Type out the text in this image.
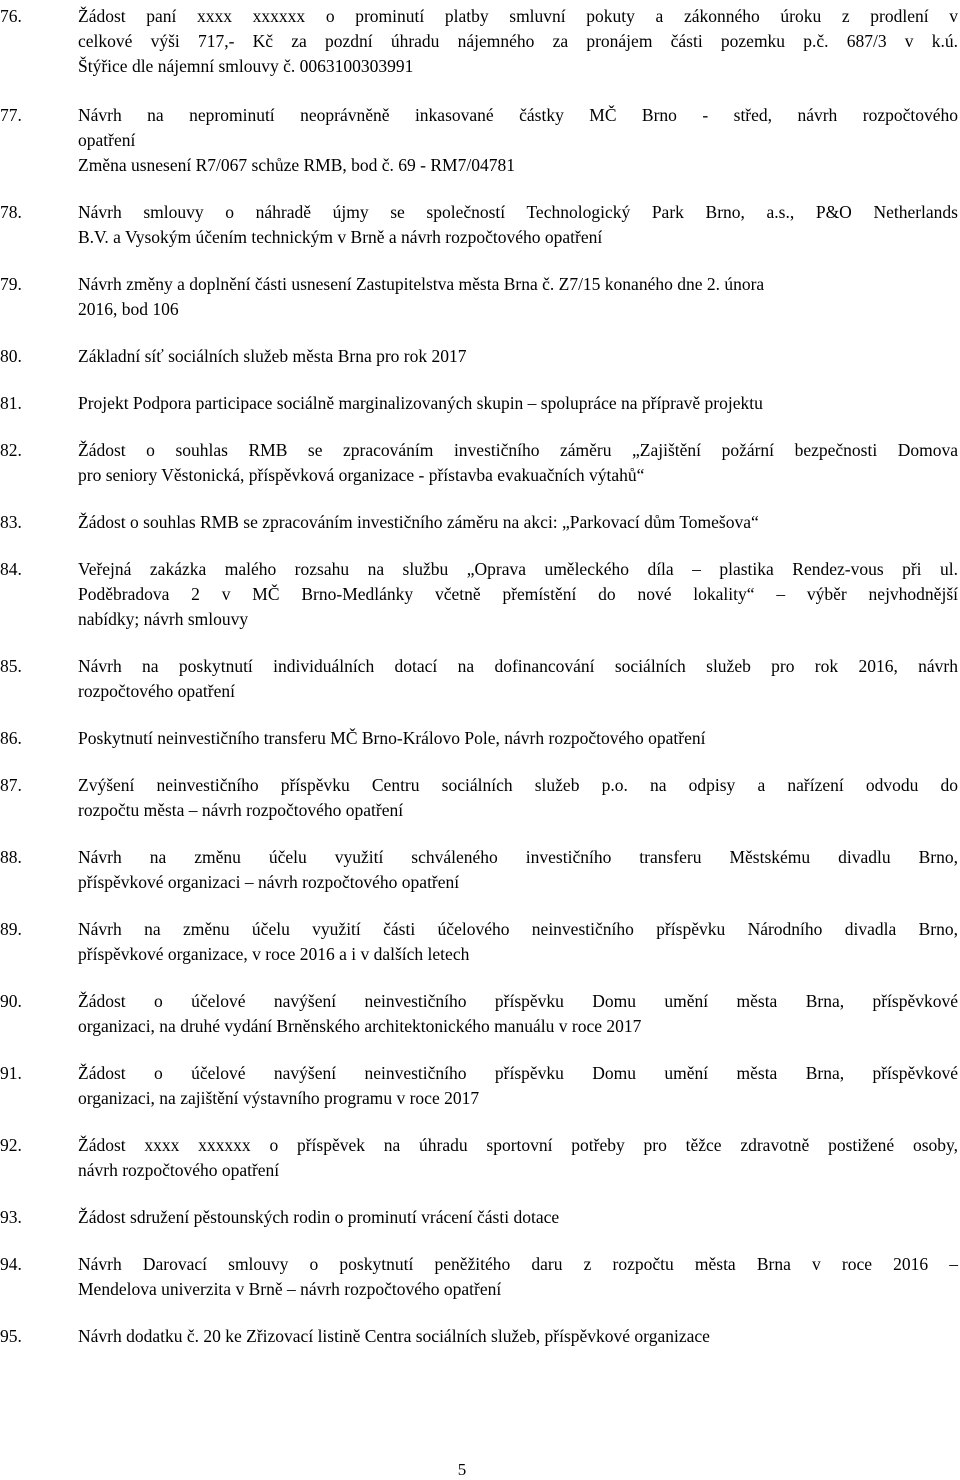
76.	Žádost paní xxxx xxxxxx o prominutí platby smluvní pokuty a zákonného úroku z prodlení v
celkové výši 717,- Kč za pozdní úhradu nájemného za pronájem části pozemku p.č. 687/3 v k.ú.
Štýřice dle nájemní smlouvy č. 0063100303991
77.	Návrh na neprominutí neoprávněně inkasované částky MČ Brno - střed, návrh rozpočtového
opatření
Změna usnesení R7/067 schůze RMB, bod č. 69 - RM7/04781
78.	Návrh smlouvy o náhradě újmy se společností Technologický Park Brno, a.s., P&O Netherlands
B.V. a Vysokým účením technickým v Brně a návrh rozpočtového opatření
79.	Návrh změny a doplnění části usnesení Zastupitelstva města Brna č. Z7/15 konaného dne 2. února
2016, bod 106
80.	Základní síť sociálních služeb města Brna pro rok 2017
81.	Projekt Podpora participace sociálně marginalizovaných skupin – spolupráce na přípravě projektu
82.	Žádost o souhlas RMB se zpracováním investičního záměru „Zajištění požární bezpečnosti Domova
pro seniory Věstonická, příspěvková organizace - přístavba evakuačních výtahů“
83.	Žádost o souhlas RMB se zpracováním investičního záměru na akci: „Parkovací dům Tomešova“
84.	Veřejná zakázka malého rozsahu na službu „Oprava uměleckého díla – plastika Rendez-vous při ul.
Poděbradova 2 v MČ Brno-Medlánky včetně přemístění do nové lokality“ – výběr nejvhodnější
nabídky; návrh smlouvy
85.	Návrh na poskytnutí individuálních dotací na dofinancování sociálních služeb pro rok 2016, návrh
rozpočtového opatření
86.	Poskytnutí neinvestičního transferu MČ Brno-Královo Pole, návrh rozpočtového opatření
87.	Zvýšení neinvestičního příspěvku Centru sociálních služeb p.o. na odpisy a nařízení odvodu do
rozpočtu města – návrh rozpočtového opatření
88.	Návrh na změnu účelu využití schváleného investičního transferu Městskému divadlu Brno,
příspěvkové organizaci – návrh rozpočtového opatření
89.	Návrh na změnu účelu využití části účelového neinvestičního příspěvku Národního divadla Brno,
příspěvkové organizace, v roce 2016 a i v dalších letech
90.	Žádost o účelové navýšení neinvestičního příspěvku Domu umění města Brna, příspěvkové
organizaci, na druhé vydání Brněnského architektonického manuálu v roce 2017
91.	Žádost o účelové navýšení neinvestičního příspěvku Domu umění města Brna, příspěvkové
organizaci, na zajištění výstavního programu v roce 2017
92.	Žádost xxxx xxxxxx o příspěvek na úhradu sportovní potřeby pro těžce zdravotně postižené osoby,
návrh rozpočtového opatření
93.	Žádost sdružení pěstounských rodin o prominutí vrácení části dotace
94.	Návrh Darovací smlouvy o poskytnutí peněžitého daru z rozpočtu města Brna v roce 2016 –
Mendelova univerzita v Brně – návrh rozpočtového opatření
95.	Návrh dodatku č. 20 ke Zřizovací listině Centra sociálních služeb, příspěvkové organizace
5
